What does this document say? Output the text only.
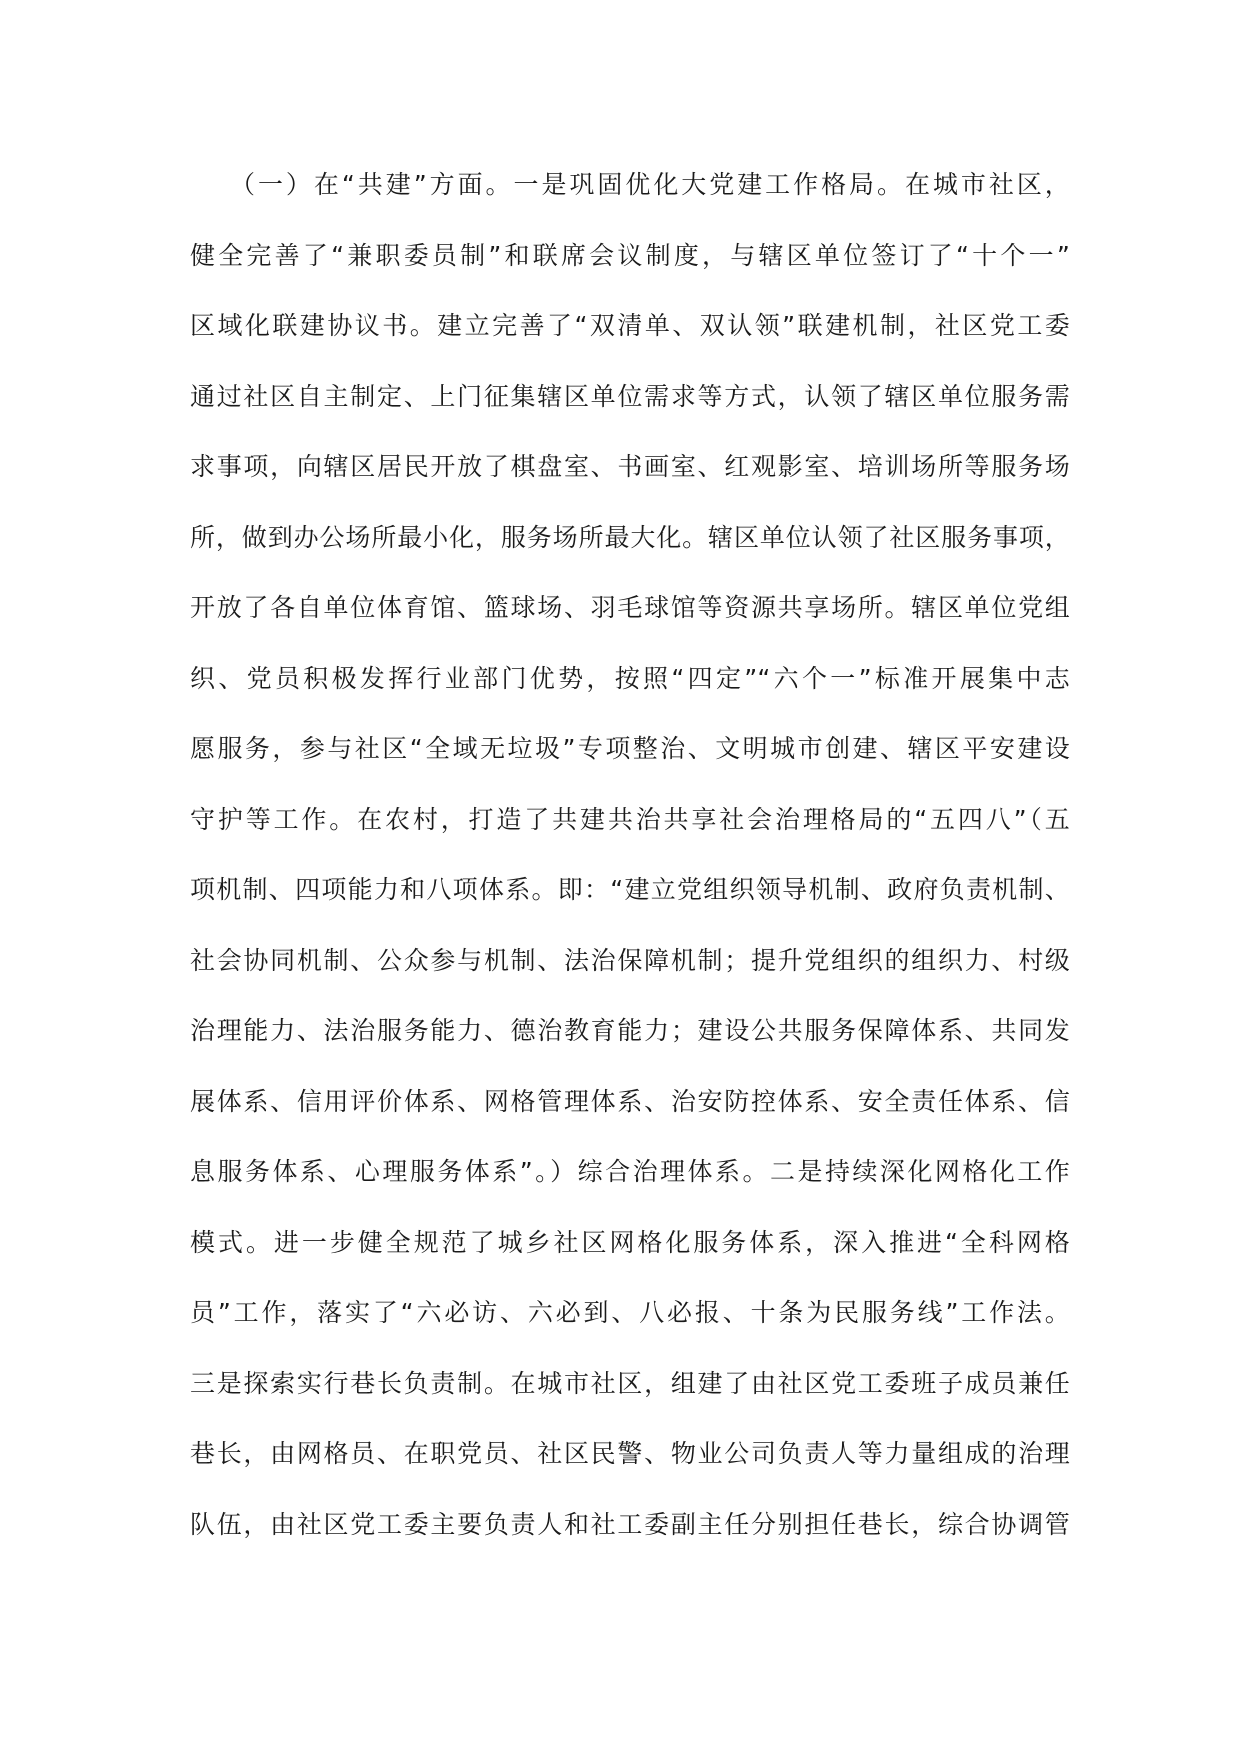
（一）在“共建”方面。一是巩固优化大党建工作格局。在城市社区，
健全完善了“兼职委员制”和联席会议制度，与辖区单位签订了“十个一”
区域化联建协议书。建立完善了“双清单、双认领”联建机制，社区党工委
通过社区自主制定、上门征集辖区单位需求等方式，认领了辖区单位服务需
求事项，向辖区居民开放了棋盘室、书画室、红观影室、培训场所等服务场
所，做到办公场所最小化，服务场所最大化。辖区单位认领了社区服务事项，
开放了各自单位体育馆、篮球场、羽毛球馆等资源共享场所。辖区单位党组
织、党员积极发挥行业部门优势，按照“四定”“六个一”标准开展集中志
愿服务，参与社区“全域无垃圾”专项整治、文明城市创建、辖区平安建设
守护等工作。在农村，打造了共建共治共享社会治理格局的“五四八”（五
项机制、四项能力和八项体系。即：“建立党组织领导机制、政府负责机制、
社会协同机制、公众参与机制、法治保障机制；提升党组织的组织力、村级
治理能力、法治服务能力、德治教育能力；建设公共服务保障体系、共同发
展体系、信用评价体系、网格管理体系、治安防控体系、安全责任体系、信
息服务体系、心理服务体系”。）综合治理体系。二是持续深化网格化工作
模式。进一步健全规范了城乡社区网格化服务体系，深入推进“全科网格
员”工作，落实了“六必访、六必到、八必报、十条为民服务线”工作法。
三是探索实行巷长负责制。在城市社区，组建了由社区党工委班子成员兼任
巷长，由网格员、在职党员、社区民警、物业公司负责人等力量组成的治理
队伍，由社区党工委主要负责人和社工委副主任分别担任巷长，综合协调管
